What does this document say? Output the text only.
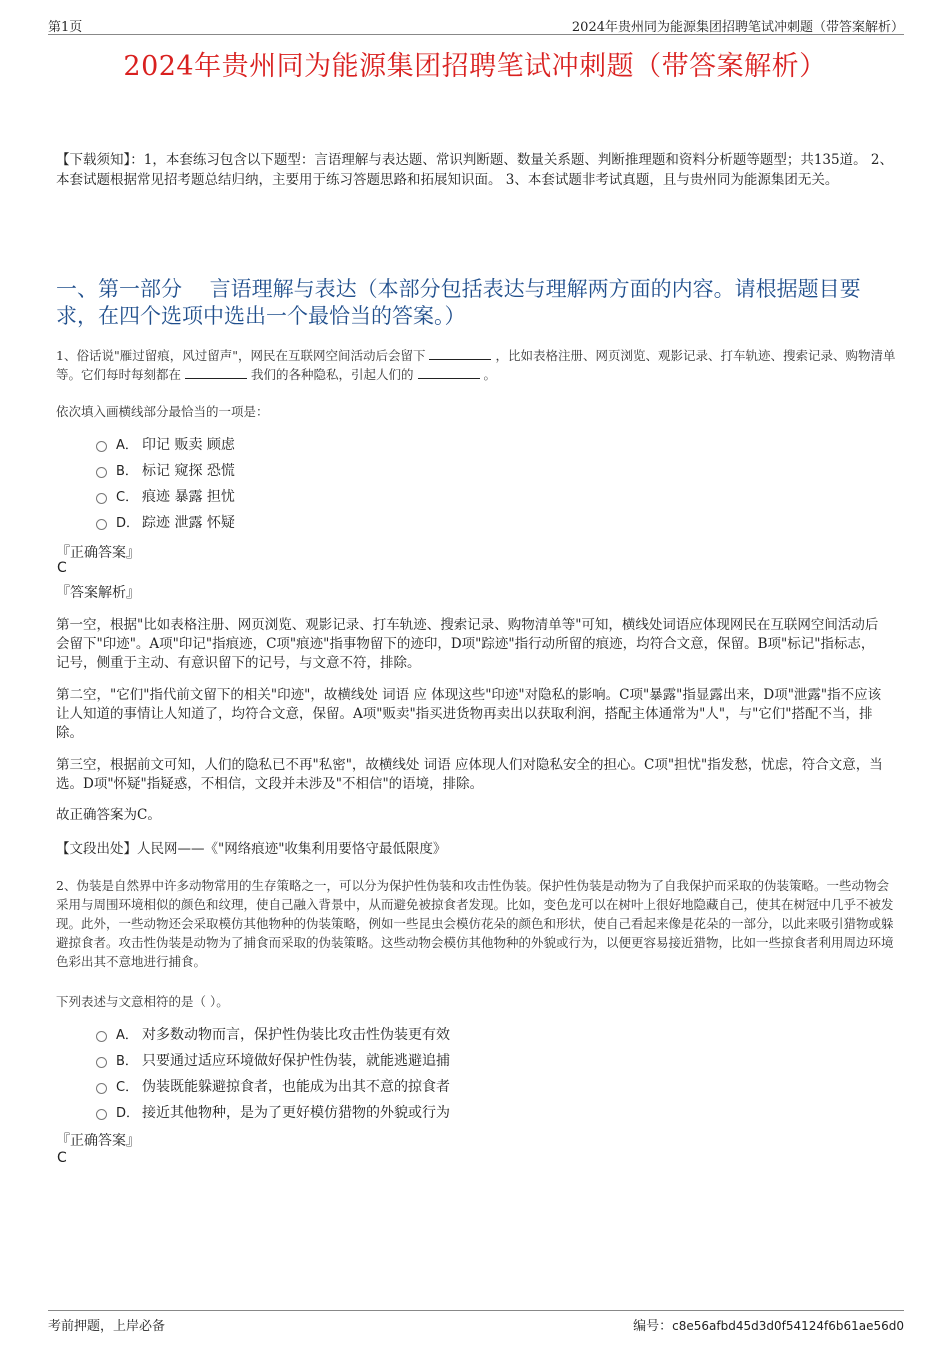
第1页	2024年贵州同为能源集团招聘笔试冲刺题（带答案解析）
2024年贵州同为能源集团招聘笔试冲刺题（带答案解析）
【下载须知】：1，本套练习包含以下题型：言语理解与表达题、常识判断题、数量关系题、判断推理题和资料分析题等题型；共135道。 2、本套试题根据常见招考题总结归纳，主要用于练习答题思路和拓展知识面。 3、本套试题非考试真题，且与贵州同为能源集团无关。
一、第一部分　 言语理解与表达（本部分包括表达与理解两方面的内容。请根据题目要求，在四个选项中选出一个最恰当的答案。）
1、俗话说"雁过留痕，风过留声"，网民在互联网空间活动后会留下	，比如表格注册、网页浏览、观影记录、打车轨迹、搜索记录、购物清单等。它们每时每刻都在	我们的各种隐私，引起人们的	。
依次填入画横线部分最恰当的一项是：
A． 印记 贩卖 顾虑
B． 标记 窥探 恐慌
C． 痕迹 暴露 担忧
D． 踪迹 泄露 怀疑
『正确答案』
C
『答案解析』
第一空，根据"比如表格注册、网页浏览、观影记录、打车轨迹、搜索记录、购物清单等"可知，横线处词语应体现网民在互联网空间活动后会留下"印迹"。A项"印记"指痕迹，C项"痕迹"指事物留下的迹印，D项"踪迹"指行动所留的痕迹，均符合文意，保留。B项"标记"指标志，记号，侧重于主动、有意识留下的记号，与文意不符，排除。
第二空，"它们"指代前文留下的相关"印迹"，故横线处 词语 应 体现这些"印迹"对隐私的影响。C项"暴露"指显露出来，D项"泄露"指不应该让人知道的事情让人知道了，均符合文意，保留。A项"贩卖"指买进货物再卖出以获取利润，搭配主体通常为"人"，与"它们"搭配不当，排除。
第三空，根据前文可知，人们的隐私已不再"私密"，故横线处 词语 应体现人们对隐私安全的担心。C项"担忧"指发愁，忧虑，符合文意，当选。D项"怀疑"指疑惑，不相信，文段并未涉及"不相信"的语境，排除。
故正确答案为C。
【文段出处】人民网——《"网络痕迹"收集利用要恪守最低限度》
2、伪装是自然界中许多动物常用的生存策略之一，可以分为保护性伪装和攻击性伪装。保护性伪装是动物为了自我保护而采取的伪装策略。一些动物会采用与周围环境相似的颜色和纹理，使自己融入背景中，从而避免被掠食者发现。比如，变色龙可以在树叶上很好地隐藏自己，使其在树冠中几乎不被发现。此外，一些动物还会采取模仿其他物种的伪装策略，例如一些昆虫会模仿花朵的颜色和形状，使自己看起来像是花朵的一部分，以此来吸引猎物或躲避掠食者。攻击性伪装是动物为了捕食而采取的伪装策略。这些动物会模仿其他物种的外貌或行为，以便更容易接近猎物，比如一些掠食者利用周边环境色彩出其不意地进行捕食。
下列表述与文意相符的是（ ）。
A． 对多数动物而言，保护性伪装比攻击性伪装更有效
B． 只要通过适应环境做好保护性伪装，就能逃避追捕
C． 伪装既能躲避掠食者，也能成为出其不意的掠食者
D． 接近其他物种，是为了更好模仿猎物的外貌或行为
『正确答案』
C
考前押题，上岸必备	编号：c8e56afbd45d3d0f54124f6b61ae56d0
